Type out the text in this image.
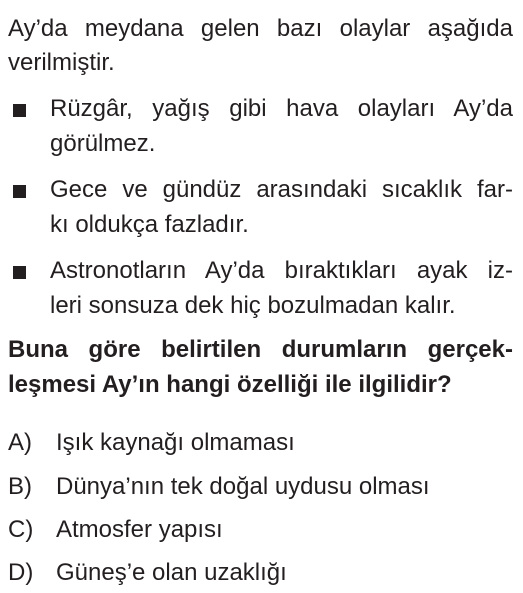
Ay’da meydana gelen bazı olaylar aşağıda
verilmiştir.
Rüzgâr, yağış gibi hava olayları Ay’da
görülmez.
Gece ve gündüz arasındaki sıcaklık far-
kı oldukça fazladır.
Astronotların Ay’da bıraktıkları ayak iz-
leri sonsuza dek hiç bozulmadan kalır.
Buna göre belirtilen durumların gerçek-
leşmesi Ay’ın hangi özelliği ile ilgilidir?
A) Işık kaynağı olmaması
B) Dünya’nın tek doğal uydusu olması
C) Atmosfer yapısı
D) Güneş’e olan uzaklığı
